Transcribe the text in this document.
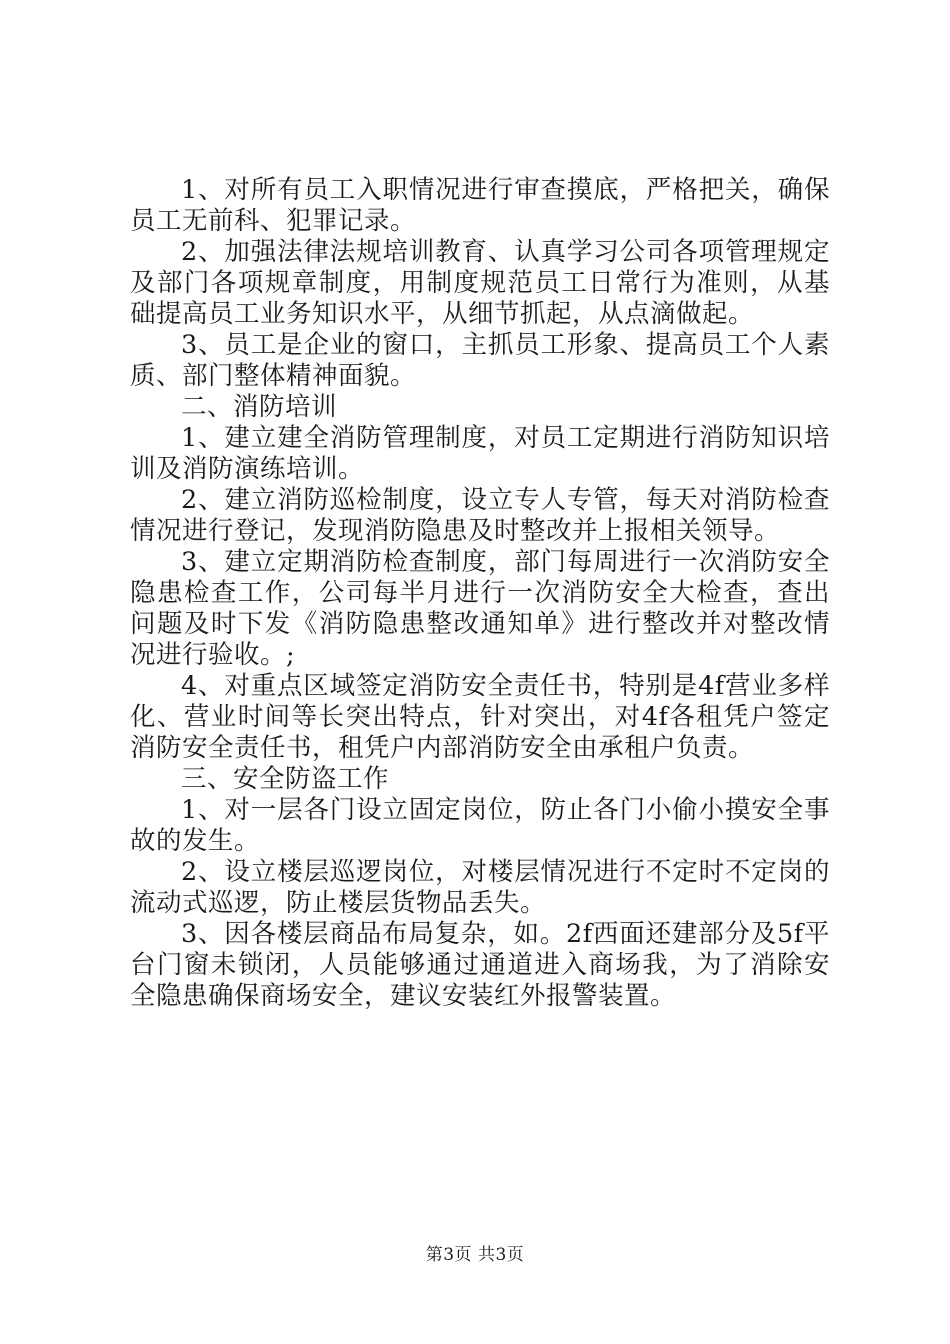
1、对所有员工入职情况进行审查摸底，严格把关，确保员工无前科、犯罪记录。

2、加强法律法规培训教育、认真学习公司各项管理规定及部门各项规章制度，用制度规范员工日常行为准则，从基础提高员工业务知识水平，从细节抓起，从点滴做起。

3、员工是企业的窗口，主抓员工形象、提高员工个人素质、部门整体精神面貌。

二、消防培训

1、建立建全消防管理制度，对员工定期进行消防知识培训及消防演练培训。

2、建立消防巡检制度，设立专人专管，每天对消防检查情况进行登记，发现消防隐患及时整改并上报相关领导。

3、建立定期消防检查制度，部门每周进行一次消防安全隐患检查工作，公司每半月进行一次消防安全大检查，查出问题及时下发《消防隐患整改通知单》进行整改并对整改情况进行验收。;

4、对重点区域签定消防安全责任书，特别是4f营业多样化、营业时间等长突出特点，针对突出，对4f各租凭户签定消防安全责任书，租凭户内部消防安全由承租户负责。

三、安全防盗工作

1、对一层各门设立固定岗位，防止各门小偷小摸安全事故的发生。

2、设立楼层巡逻岗位，对楼层情况进行不定时不定岗的流动式巡逻，防止楼层货物品丢失。

3、因各楼层商品布局复杂，如。2f西面还建部分及5f平台门窗未锁闭，人员能够通过通道进入商场我，为了消除安全隐患确保商场安全，建议安装红外报警装置。

第3页 共3页
